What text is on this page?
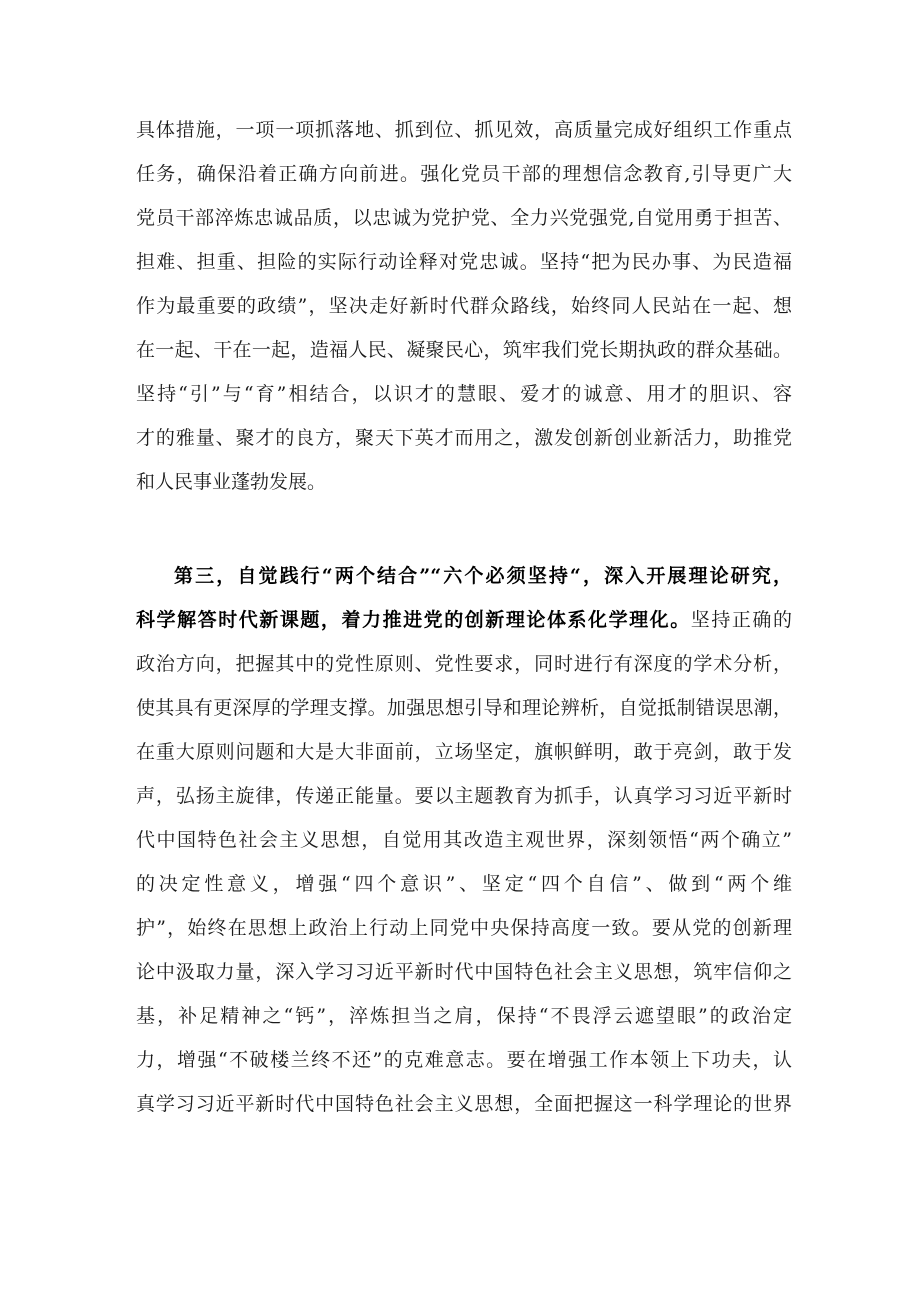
具体措施，一项一项抓落地、抓到位、抓见效，高质量完成好组织工作重点
任务，确保沿着正确方向前进。强化党员干部的理想信念教育,引导更广大
党员干部淬炼忠诚品质，以忠诚为党护党、全力兴党强党,自觉用勇于担苦、
担难、担重、担险的实际行动诠释对党忠诚。坚持“把为民办事、为民造福
作为最重要的政绩”，坚决走好新时代群众路线，始终同人民站在一起、想
在一起、干在一起，造福人民、凝聚民心，筑牢我们党长期执政的群众基础。
坚持“引”与“育”相结合，以识才的慧眼、爱才的诚意、用才的胆识、容
才的雅量、聚才的良方，聚天下英才而用之，激发创新创业新活力，助推党
和人民事业蓬勃发展。
第三，自觉践行“两个结合”“六个必须坚持“，深入开展理论研究，
科学解答时代新课题，着力推进党的创新理论体系化学理化。坚持正确的
政治方向，把握其中的党性原则、党性要求，同时进行有深度的学术分析，
使其具有更深厚的学理支撑。加强思想引导和理论辨析，自觉抵制错误思潮，
在重大原则问题和大是大非面前，立场坚定，旗帜鲜明，敢于亮剑，敢于发
声，弘扬主旋律，传递正能量。要以主题教育为抓手，认真学习习近平新时
代中国特色社会主义思想，自觉用其改造主观世界，深刻领悟“两个确立”
的决定性意义，增强“四个意识”、坚定“四个自信”、做到“两个维
护”，始终在思想上政治上行动上同党中央保持高度一致。要从党的创新理
论中汲取力量，深入学习习近平新时代中国特色社会主义思想，筑牢信仰之
基，补足精神之“钙”，淬炼担当之肩，保持“不畏浮云遮望眼”的政治定
力，增强“不破楼兰终不还”的克难意志。要在增强工作本领上下功夫，认
真学习习近平新时代中国特色社会主义思想，全面把握这一科学理论的世界
